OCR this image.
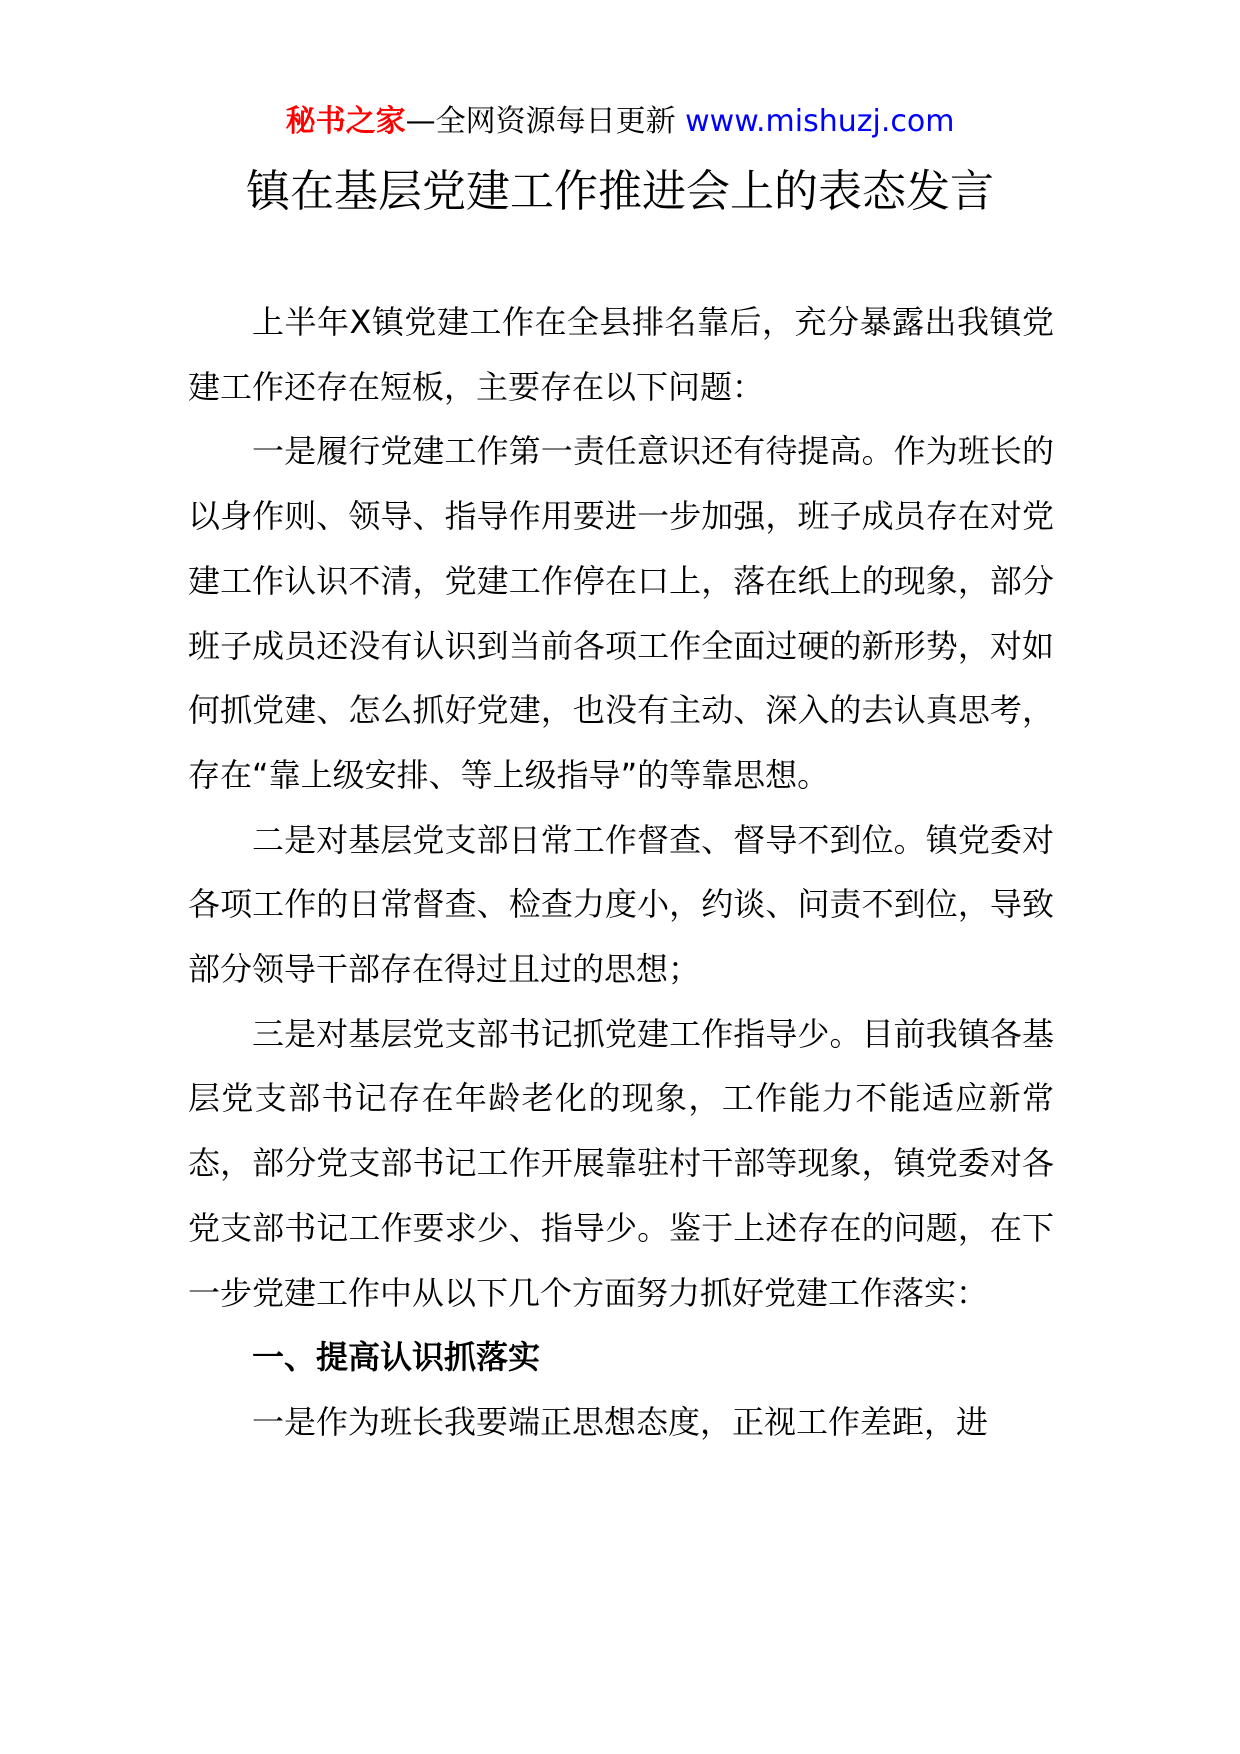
秘书之家—全网资源每日更新 www.mishuzj.com
镇在基层党建工作推进会上的表态发言

上半年X镇党建工作在全县排名靠后，充分暴露出我镇党建工作还存在短板，主要存在以下问题：

一是履行党建工作第一责任意识还有待提高。作为班长的以身作则、领导、指导作用要进一步加强，班子成员存在对党建工作认识不清，党建工作停在口上，落在纸上的现象，部分班子成员还没有认识到当前各项工作全面过硬的新形势，对如何抓党建、怎么抓好党建，也没有主动、深入的去认真思考，存在“靠上级安排、等上级指导”的等靠思想。

二是对基层党支部日常工作督查、督导不到位。镇党委对各项工作的日常督查、检查力度小，约谈、问责不到位，导致部分领导干部存在得过且过的思想；

三是对基层党支部书记抓党建工作指导少。目前我镇各基层党支部书记存在年龄老化的现象，工作能力不能适应新常态，部分党支部书记工作开展靠驻村干部等现象，镇党委对各党支部书记工作要求少、指导少。鉴于上述存在的问题，在下一步党建工作中从以下几个方面努力抓好党建工作落实：

一、提高认识抓落实

一是作为班长我要端正思想态度，正视工作差距，进
